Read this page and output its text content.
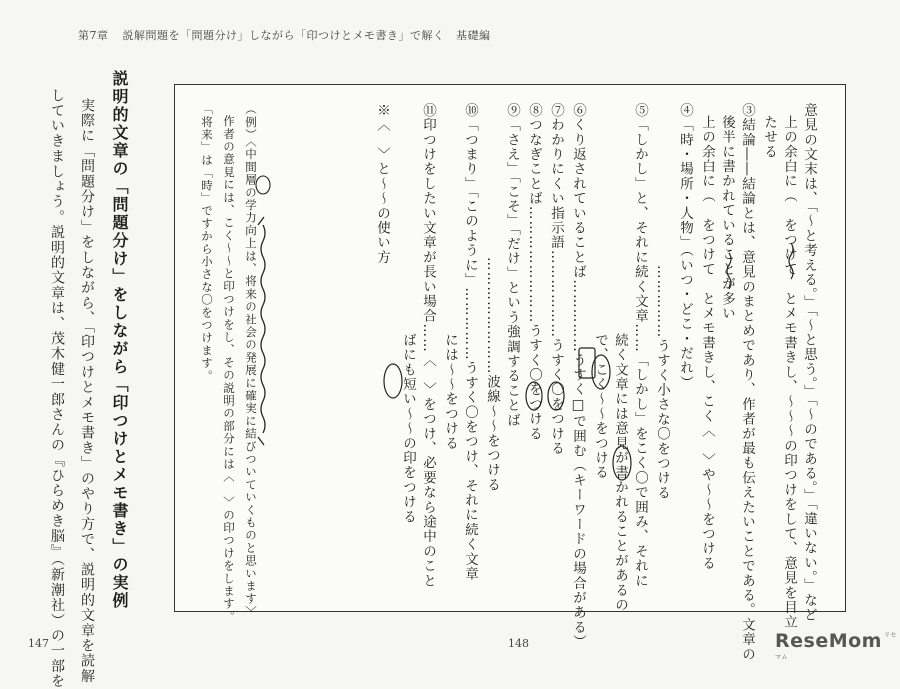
第7章 説解問題を「問題分け」しながら「印つけとメモ書き」で解く　基礎編
説明的文章の「問題分け」をしながら「印つけとメモ書き」の実例
実際に「問題分け」をしながら、「印つけとメモ書き」のやり方で、説明的文章を読解
していきましょう。説明的文章は、茂木健一郎さんの『ひらめき脳』（新潮社）の一部を
147
意見の文末は、「〜と考える。」「〜と思う。」「〜のである。」「違いない。」など
上の余白に（　をつけて　とメモ書きし、〜〜〜の印つけをして、意見を目立
たせる
③結論――結論とは、意見のまとめであり、作者が最も伝えたいことである。文章の
後半に書かれていることが多い
上の余白に（　をつけて　とメモ書きし、こく〈　〉や〜〜をつける
④「時・場所・人物」（いつ・どこ・だれ）
……………うすく小さな〇をつける
⑤「しかし」と、それに続く文章……「しかし」をこく〇で囲み、それに
続く文章には意見が書かれることがあるの
で、こく〜〜をつける
⑥くり返されていることば……………うすく□で囲む（キーワードの場合がある）
⑦わかりにくい指示語………………うすく〇をつける
⑧つなぎことば……………………うすく〇をつける
⑨「さえ」「こそ」「だけ」という強調することば
……………………波線〜〜をつける
⑩「つまり」「このように」……………うすく〇をつけ、それに続く文章
には〜〜をつける
⑪印つけをしたい文章が長い場合……〈　〉をつけ、必要なら途中のこと
ばにも短い〜〜の印をつける
※〈　〉と〜〜の使い方
（例）〈中間層の学力向上は、将来の社会の発展に確実に結びついていくものと思います〉
作者の意見には、こく〜〜と印つけをし、その説明の部分には〈　〉の印つけをします。
「将来」は「時」ですから小さな〇をつけます。
148	ReseMom $^{リセマム}$
